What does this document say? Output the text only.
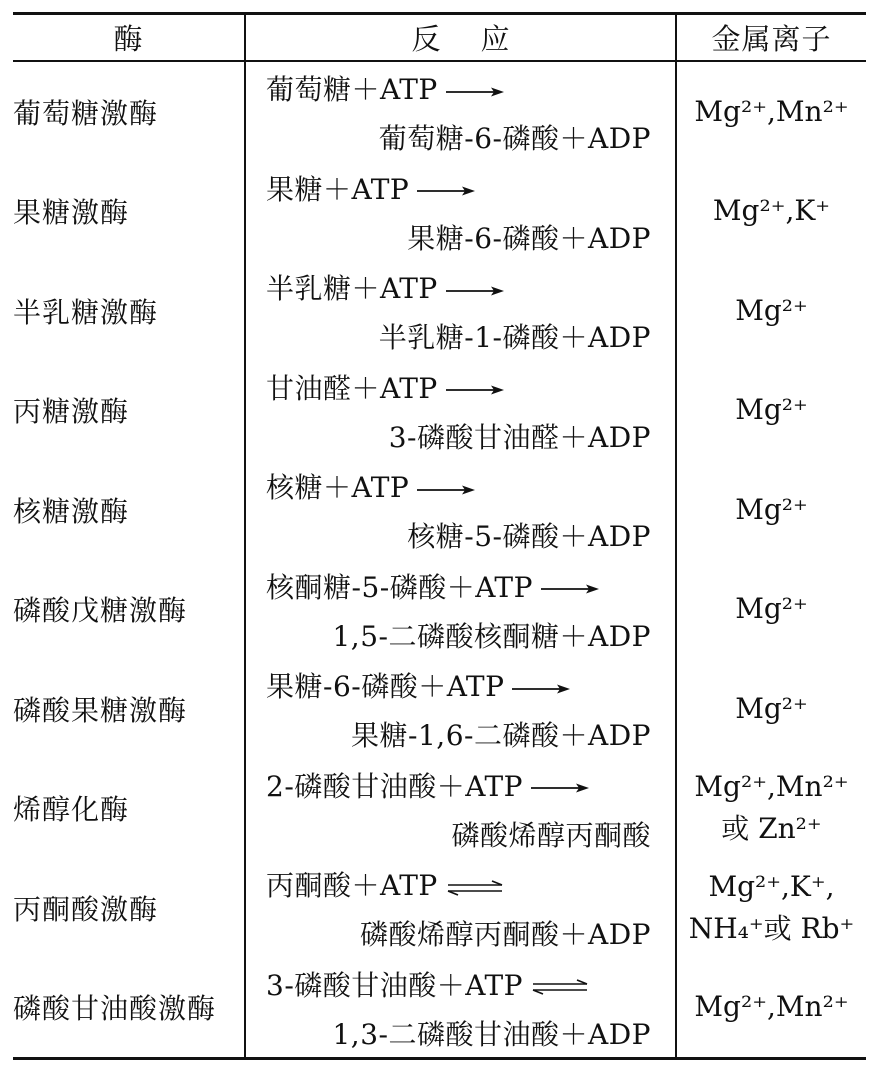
酶	反应	金属离子
葡萄糖激酶
葡萄糖＋ATP
葡萄糖-6-磷酸＋ADP
Mg²⁺,Mn²⁺
果糖激酶
果糖＋ATP
果糖-6-磷酸＋ADP
Mg²⁺,K⁺
半乳糖激酶
半乳糖＋ATP
半乳糖-1-磷酸＋ADP
Mg²⁺
丙糖激酶
甘油醛＋ATP
3-磷酸甘油醛＋ADP
Mg²⁺
核糖激酶
核糖＋ATP
核糖-5-磷酸＋ADP
Mg²⁺
磷酸戊糖激酶
核酮糖-5-磷酸＋ATP
1,5-二磷酸核酮糖＋ADP
Mg²⁺
磷酸果糖激酶
果糖-6-磷酸＋ATP
果糖-1,6-二磷酸＋ADP
Mg²⁺
烯醇化酶
2-磷酸甘油酸＋ATP
磷酸烯醇丙酮酸
Mg²⁺,Mn²⁺
或 Zn²⁺
丙酮酸激酶
丙酮酸＋ATP ⇌
磷酸烯醇丙酮酸＋ADP
Mg²⁺,K⁺,
NH₄⁺或 Rb⁺
磷酸甘油酸激酶
3-磷酸甘油酸＋ATP ⇌
1,3-二磷酸甘油酸＋ADP
Mg²⁺,Mn²⁺
